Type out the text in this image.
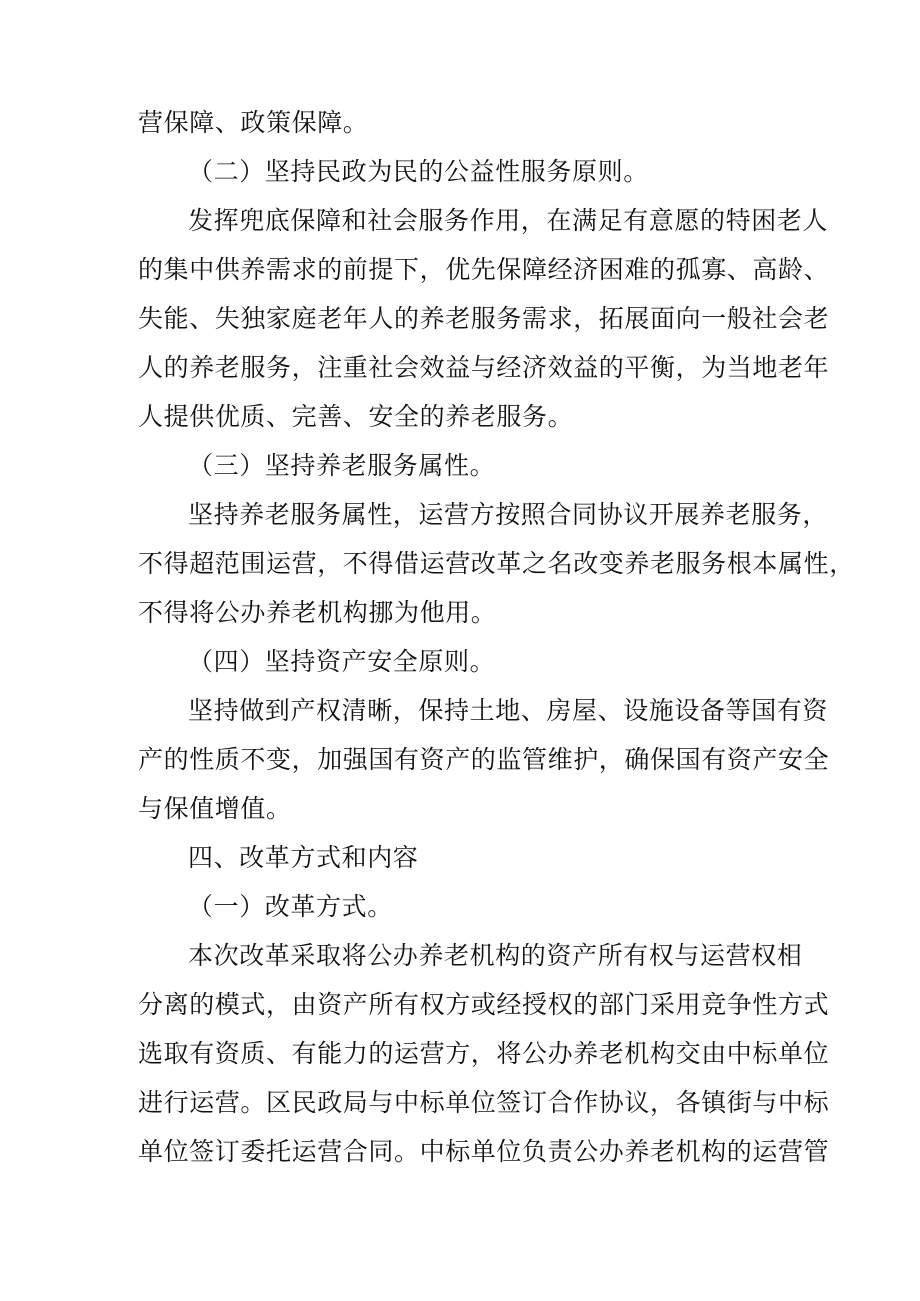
营保障、政策保障。
（二）坚持民政为民的公益性服务原则。
发挥兜底保障和社会服务作用，在满足有意愿的特困老人
的集中供养需求的前提下，优先保障经济困难的孤寡、高龄、
失能、失独家庭老年人的养老服务需求，拓展面向一般社会老
人的养老服务，注重社会效益与经济效益的平衡，为当地老年
人提供优质、完善、安全的养老服务。
（三）坚持养老服务属性。
坚持养老服务属性，运营方按照合同协议开展养老服务，
不得超范围运营，不得借运营改革之名改变养老服务根本属性，
不得将公办养老机构挪为他用。
（四）坚持资产安全原则。
坚持做到产权清晰，保持土地、房屋、设施设备等国有资
产的性质不变，加强国有资产的监管维护，确保国有资产安全
与保值增值。
四、改革方式和内容
（一）改革方式。
本次改革采取将公办养老机构的资产所有权与运营权相
分离的模式，由资产所有权方或经授权的部门采用竞争性方式
选取有资质、有能力的运营方，将公办养老机构交由中标单位
进行运营。区民政局与中标单位签订合作协议，各镇街与中标
单位签订委托运营合同。中标单位负责公办养老机构的运营管
